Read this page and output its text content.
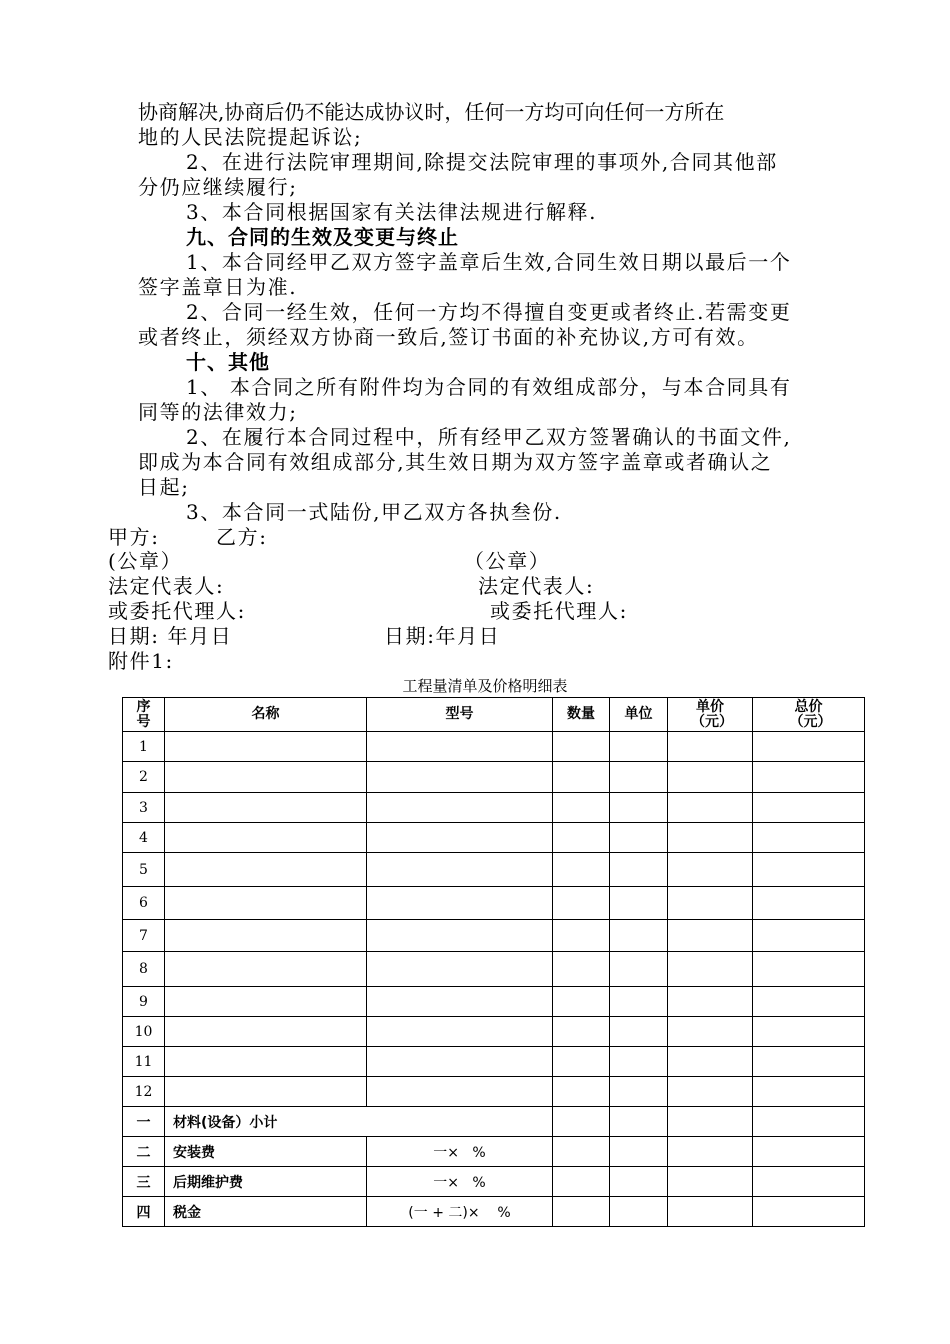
协商解决,协商后仍不能达成协议时，任何一方均可向任何一方所在
地的人民法院提起诉讼;
2、在进行法院审理期间,除提交法院审理的事项外,合同其他部
分仍应继续履行;
3、本合同根据国家有关法律法规进行解释.
九、合同的生效及变更与终止
1、本合同经甲乙双方签字盖章后生效,合同生效日期以最后一个
签字盖章日为准.
2、合同一经生效，任何一方均不得擅自变更或者终止.若需变更
或者终止，须经双方协商一致后,签订书面的补充协议,方可有效。
十、其他
1、 本合同之所有附件均为合同的有效组成部分，与本合同具有
同等的法律效力;
2、在履行本合同过程中，所有经甲乙双方签署确认的书面文件,
即成为本合同有效组成部分,其生效日期为双方签字盖章或者确认之
日起;
3、本合同一式陆份,甲乙双方各执叁份.
甲方:	乙方:
(公章）	（公章）
法定代表人:	法定代表人:
或委托代理人:	或委托代理人:
日期: 年月日	日期:年月日
附件1:
工程量清单及价格明细表
序号	名称	型号	数量	单位	单价（元）	总价（元）
1						
2						
3						
4						
5						
6						
7						
8						
9						
10						
11						
12						
一	材料(设备）小计					
二	安装费	一×   %				
三	后期维护费	一×   %				
四	税金	(一 + 二)×    %				
